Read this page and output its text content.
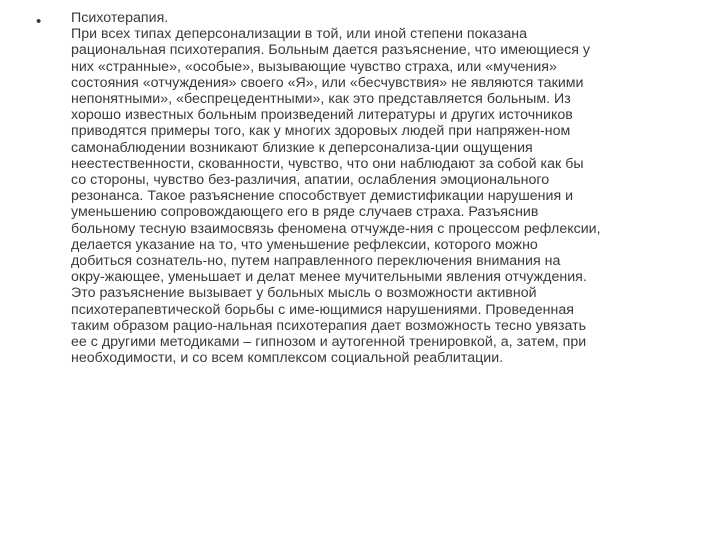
• Психотерапия.
При всех типах деперсонализации в той, или иной степени показана
рациональная психотерапия. Больным дается разъяснение, что имеющиеся у
них «странные», «особые», вызывающие чувство страха, или «мучения»
состояния «отчуждения» своего «Я», или «бесчувствия» не являются такими
непонятными», «беспрецедентными», как это представляется больным. Из
хорошо известных больным произведений литературы и других источников
приводятся примеры того, как у многих здоровых людей при напряжен-ном
самонаблюдении возникают близкие к деперсонализа-ции ощущения
неестественности, скованности, чувство, что они наблюдают за собой как бы
со стороны, чувство без-различия, апатии, ослабления эмоционального
резонанса. Такое разъяснение способствует демистификации нарушения и
уменьшению сопровождающего его в ряде случаев страха. Разъяснив
больному тесную взаимосвязь феномена отчужде-ния с процессом рефлексии,
делается указание на то, что уменьшение рефлексии, которого можно
добиться сознатель-но, путем направленного переключения внимания на
окру-жающее, уменьшает и делат менее мучительными явления отчуждения.
Это разъяснение вызывает у больных мысль о возможности активной
психотерапевтической борьбы с име-ющимися нарушениями. Проведенная
таким образом рацио-нальная психотерапия дает возможность тесно увязать
ее с другими методиками – гипнозом и аутогенной тренировкой, а, затем, при
необходимости, и со всем комплексом социальной реаблитации.
